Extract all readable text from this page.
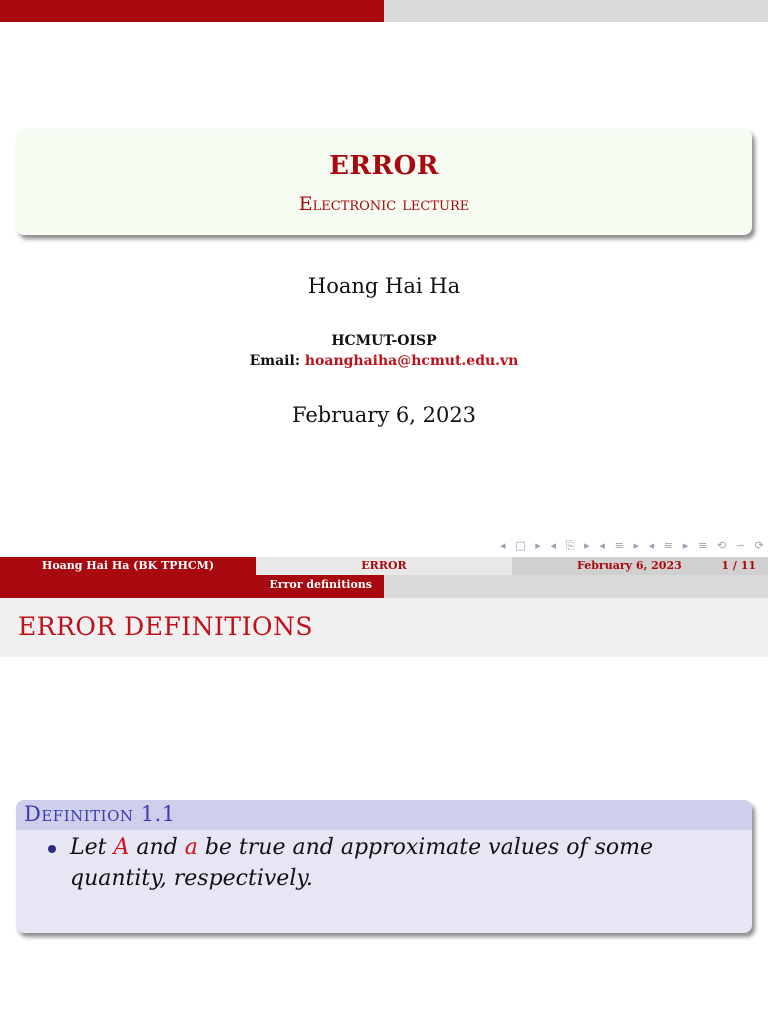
ERROR
Electronic lecture
Hoang Hai Ha
HCMUT-OISP
Email: hoanghaiha@hcmut.edu.vn
February 6, 2023
◂ □ ▸ ◂ ⎘ ▸ ◂ ≡ ▸ ◂ ≡ ▸ ≡ ⟲ ∽ ⟳
Hoang Hai Ha (BK TPHCM)	ERROR	February 6, 2023	1 / 11
Error definitions
ERROR DEFINITIONS
Definition 1.1
Let A and a be true and approximate values of some quantity, respectively.
